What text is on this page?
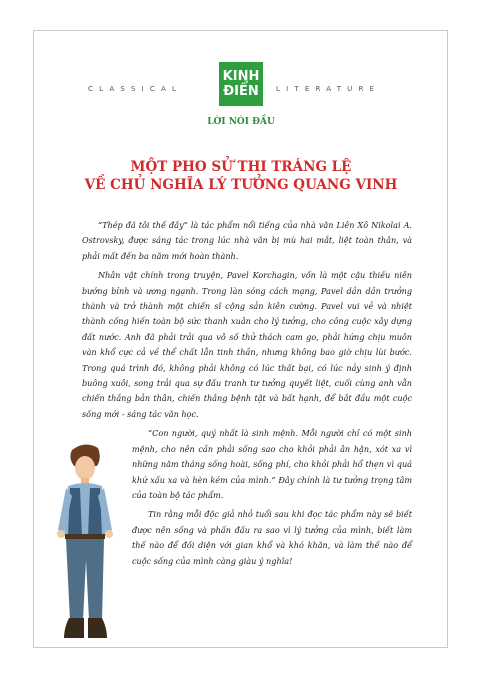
CLASSICAL
KINH
ĐIỂN LITERATURE
LỜI NÓI ĐẦU
MỘT PHO SỬ THI TRÁNG LỆ
VỀ CHỦ NGHĨA LÝ TƯỞNG QUANG VINH

“Thép đã tôi thế đấy” là tác phẩm nổi tiếng của nhà văn Liên Xô Nikolai A. Ostrovsky, được sáng tác trong lúc nhà văn bị mù hai mắt, liệt toàn thân, và phải mất đến ba năm mới hoàn thành.

Nhân vật chính trong truyện, Pavel Korchagin, vốn là một cậu thiếu niên bướng bỉnh và ương ngạnh. Trong làn sóng cách mạng, Pavel dần dần trưởng thành và trở thành một chiến sĩ cộng sản kiên cường. Pavel vui vẻ và nhiệt thành cống hiến toàn bộ sức thanh xuân cho lý tưởng, cho công cuộc xây dựng đất nước. Anh đã phải trải qua vô số thử thách cam go, phải hứng chịu muôn vàn khổ cực cả về thể chất lẫn tinh thần, nhưng không bao giờ chịu lùi bước. Trong quá trình đó, không phải không có lúc thất bại, có lúc nảy sinh ý định buông xuôi, song trải qua sự đấu tranh tư tưởng quyết liệt, cuối cùng anh vẫn chiến thắng bản thân, chiến thắng bệnh tật và bất hạnh, để bắt đầu một cuộc sống mới - sáng tác văn học.

“Con người, quý nhất là sinh mệnh. Mỗi người chỉ có một sinh mệnh, cho nên cần phải sống sao cho khỏi phải ân hận, xót xa vì những năm tháng sống hoài, sống phí, cho khỏi phải hổ thẹn vì quá khứ xấu xa và hèn kém của mình.” Đây chính là tư tưởng trọng tâm của toàn bộ tác phẩm.

Tin rằng mỗi độc giả nhỏ tuổi sau khi đọc tác phẩm này sẽ biết được nên sống và phấn đấu ra sao vì lý tưởng của mình, biết làm thế nào để đối diện với gian khổ và khó khăn, và làm thế nào để cuộc sống của mình càng giàu ý nghĩa!
